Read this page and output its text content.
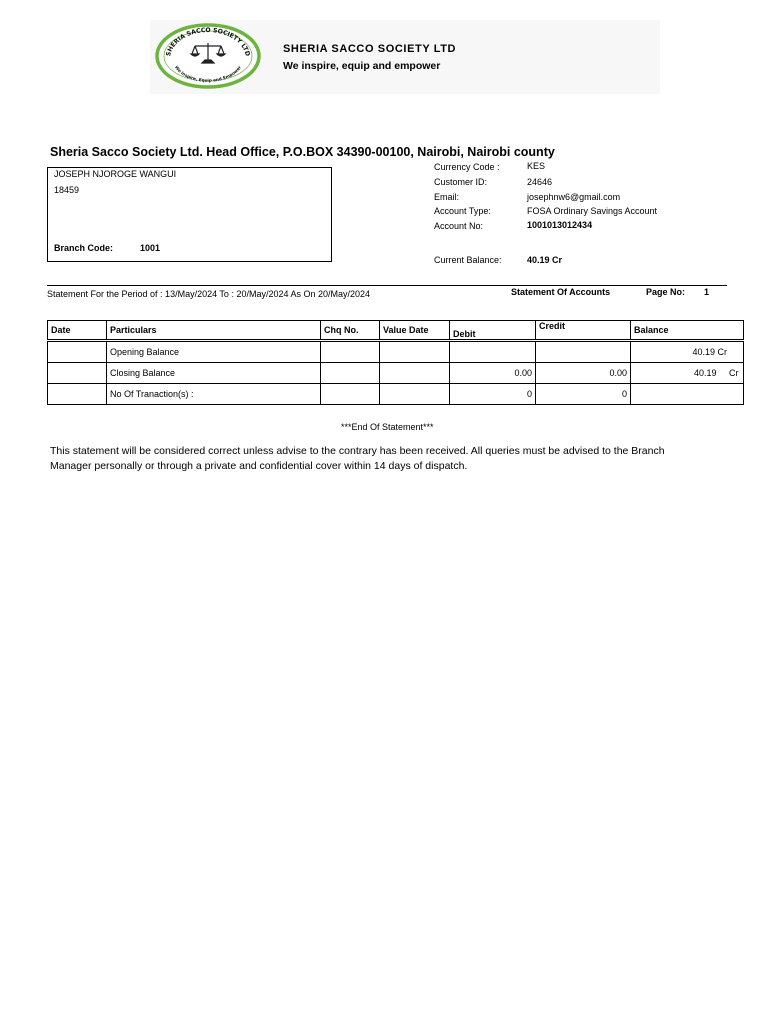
SHERIA SACCO SOCIETY LTD
We inspire, Equip and Empower
SHERIA SACCO SOCIETY LTD
We inspire, equip and empower
Sheria Sacco Society Ltd. Head Office, P.O.BOX 34390-00100, Nairobi, Nairobi county
JOSEPH NJOROGE WANGUI
18459
Branch Code:	1001
Currency Code :	KES
Customer ID:	24646
Email:	josephnw6@gmail.com
Account Type:	FOSA Ordinary Savings Account
Account No:	1001013012434
Current Balance:	40.19 Cr
Statement For the Period of : 13/May/2024 To : 20/May/2024 As On 20/May/2024	Statement Of Accounts	Page No: 1
Date	Particulars	Chq No.	Value Date	Debit	Credit	Balance

	Opening Balance					40.19 Cr
	Closing Balance			0.00	0.00	40.19 Cr
	No Of Tranaction(s) :			0	0	
***End Of Statement***
This statement will be considered correct unless advise to the contrary has been received. All queries must be advised to the Branch Manager personally or through a private and confidential cover within 14 days of dispatch.
